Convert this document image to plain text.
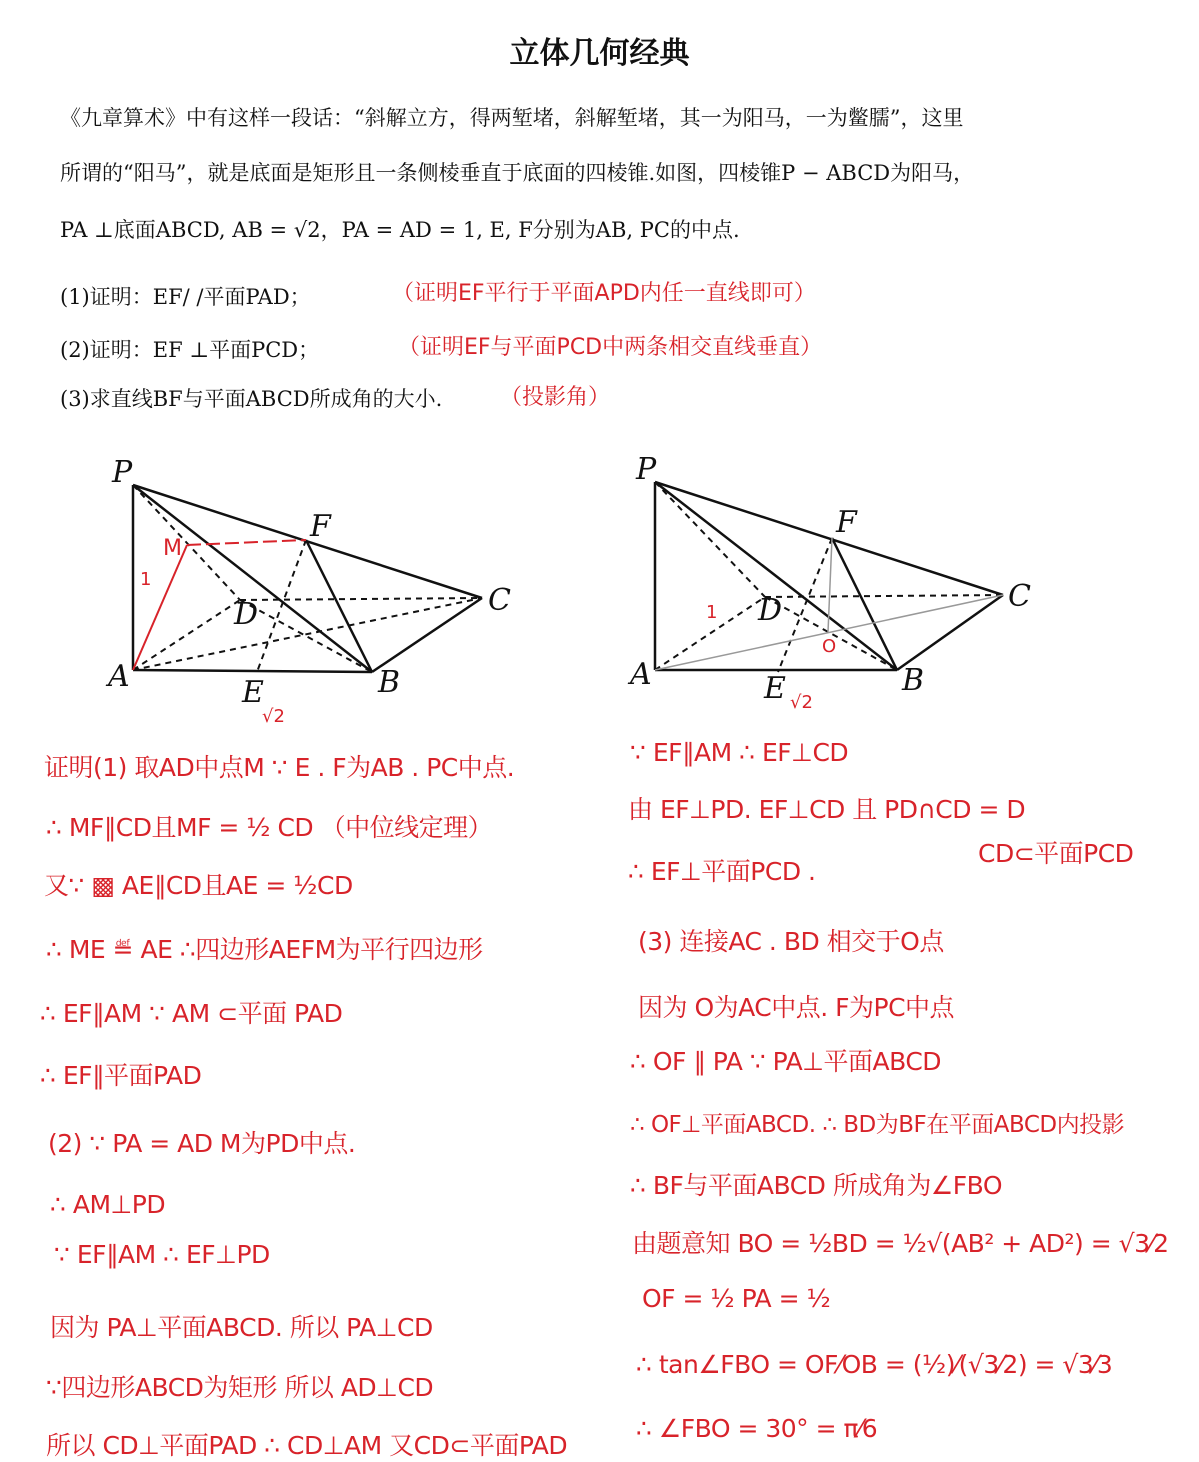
立体几何经典
《九章算术》中有这样一段话：“斜解立方，得两堑堵，斜解堑堵，其一为阳马，一为鳖臑”，这里
所谓的“阳马”，就是底面是矩形且一条侧棱垂直于底面的四棱锥.如图，四棱锥P − ABCD为阳马，
PA ⊥底面ABCD, AB = √2，PA = AD = 1, E, F分别为AB, PC的中点.
(1)证明：EF/ /平面PAD；	（证明EF平行于平面APD内任一直线即可）
(2)证明：EF ⊥平面PCD；	（证明EF与平面PCD中两条相交直线垂直）
(3)求直线BF与平面ABCD所成角的大小.	（投影角）
P
A	B
C
D
E
F
M
1
√2
P
A	B
C
D
E
F
O
1
√2
证明(1) 取AD中点M ∵ E . F为AB . PC中点.
∴ MF∥CD且MF = ½ CD （中位线定理）
又∵ ▩ AE∥CD且AE = ½CD
∴ ME ≝ AE ∴四边形AEFM为平行四边形
∴ EF∥AM ∵ AM ⊂平面 PAD
∴ EF∥平面PAD
(2) ∵ PA = AD M为PD中点.
∴ AM⊥PD
∵ EF∥AM ∴ EF⊥PD
因为 PA⊥平面ABCD. 所以 PA⊥CD
∵四边形ABCD为矩形 所以 AD⊥CD
所以 CD⊥平面PAD ∴ CD⊥AM 又CD⊂平面PAD
∵ EF∥AM ∴ EF⊥CD
由 EF⊥PD. EF⊥CD 且 PD∩CD = D
∴ EF⊥平面PCD .
CD⊂平面PCD
(3) 连接AC . BD 相交于O点
因为 O为AC中点. F为PC中点
∴ OF ∥ PA ∵ PA⊥平面ABCD
∴ OF⊥平面ABCD. ∴ BD为BF在平面ABCD内投影
∴ BF与平面ABCD 所成角为∠FBO
由题意知 BO = ½BD = ½√(AB² + AD²) = √3⁄2
OF = ½ PA = ½
∴ tan∠FBO = OF⁄OB = (½)⁄(√3⁄2) = √3⁄3
∴ ∠FBO = 30° = π⁄6
